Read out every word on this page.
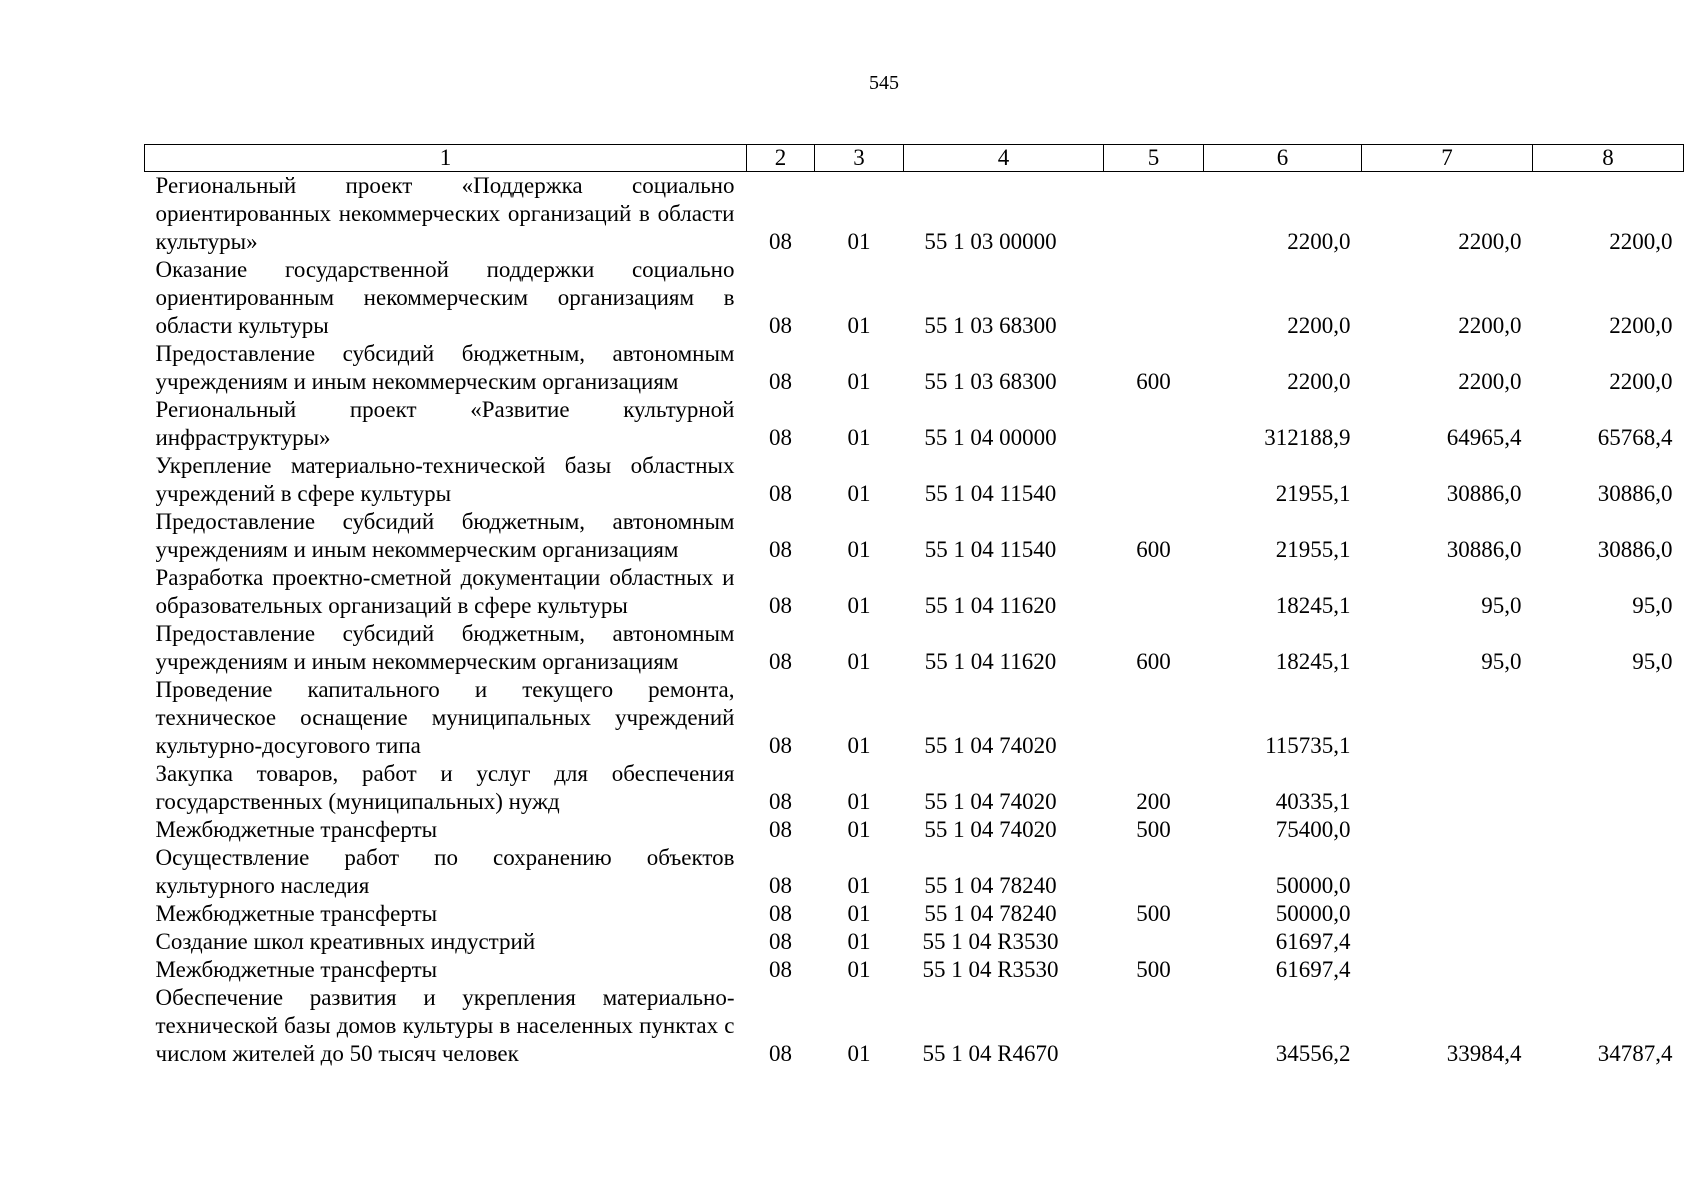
545
1	2	3	4	5	6	7	8
Региональный проект «Поддержка социально ориентированных некоммерческих организаций в области культуры»	08	01	55 1 03 00000		2200,0	2200,0	2200,0
Оказание государственной поддержки социально ориентированным некоммерческим организациям в области культуры	08	01	55 1 03 68300		2200,0	2200,0	2200,0
Предоставление субсидий бюджетным, автономным учреждениям и иным некоммерческим организациям	08	01	55 1 03 68300	600	2200,0	2200,0	2200,0
Региональный проект «Развитие культурной инфраструктуры»	08	01	55 1 04 00000		312188,9	64965,4	65768,4
Укрепление материально-технической базы областных учреждений в сфере культуры	08	01	55 1 04 11540		21955,1	30886,0	30886,0
Предоставление субсидий бюджетным, автономным учреждениям и иным некоммерческим организациям	08	01	55 1 04 11540	600	21955,1	30886,0	30886,0
Разработка проектно-сметной документации областных и образовательных организаций в сфере культуры	08	01	55 1 04 11620		18245,1	95,0	95,0
Предоставление субсидий бюджетным, автономным учреждениям и иным некоммерческим организациям	08	01	55 1 04 11620	600	18245,1	95,0	95,0
Проведение капитального и текущего ремонта, техническое оснащение муниципальных учреждений культурно-досугового типа	08	01	55 1 04 74020		115735,1		
Закупка товаров, работ и услуг для обеспечения государственных (муниципальных) нужд	08	01	55 1 04 74020	200	40335,1		
Межбюджетные трансферты	08	01	55 1 04 74020	500	75400,0		
Осуществление работ по сохранению объектов культурного наследия	08	01	55 1 04 78240		50000,0		
Межбюджетные трансферты	08	01	55 1 04 78240	500	50000,0		
Создание школ креативных индустрий	08	01	55 1 04 R3530		61697,4		
Межбюджетные трансферты	08	01	55 1 04 R3530	500	61697,4		
Обеспечение развития и укрепления материально-технической базы домов культуры в населенных пунктах с числом жителей до 50 тысяч человек	08	01	55 1 04 R4670		34556,2	33984,4	34787,4
